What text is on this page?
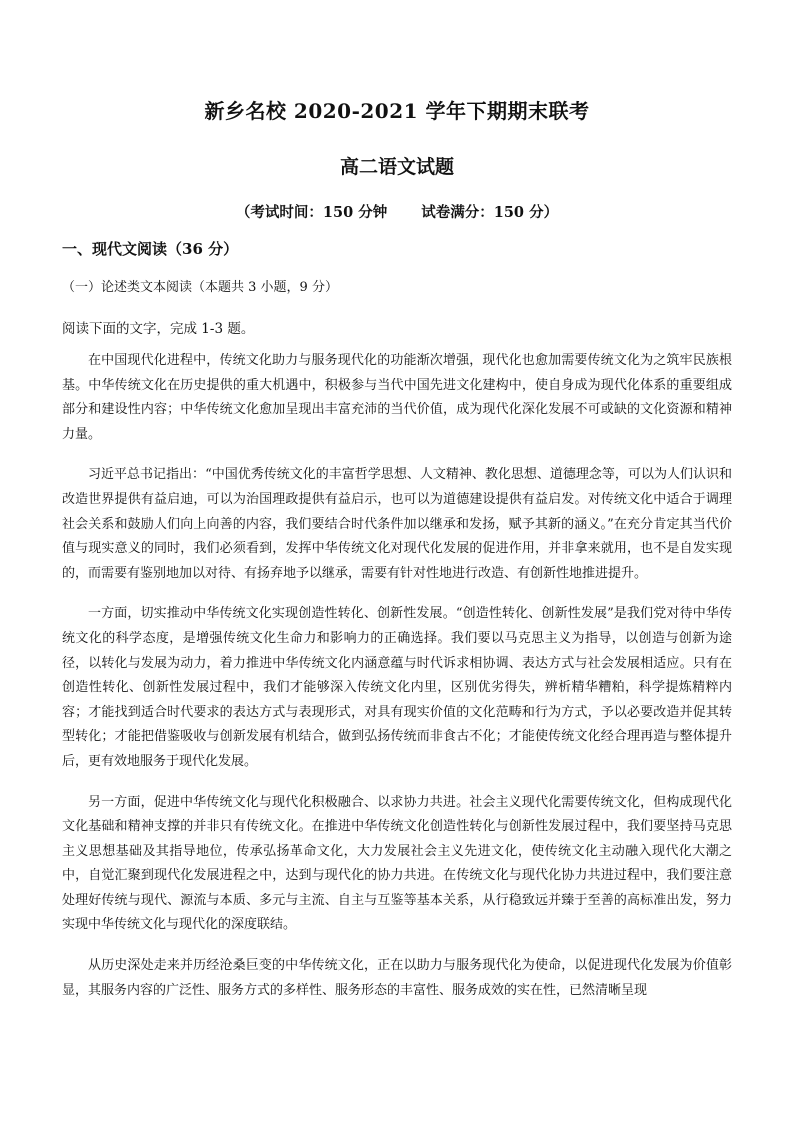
新乡名校 2020-2021 学年下期期末联考
高二语文试题
（考试时间：150 分钟 试卷满分：150 分）
一、现代文阅读（36 分）
（一）论述类文本阅读（本题共 3 小题，9 分）
阅读下面的文字，完成 1-3 题。

在中国现代化进程中，传统文化助力与服务现代化的功能渐次增强，现代化也愈加需要传统文化为之筑牢民族根基。中华传统文化在历史提供的重大机遇中，积极参与当代中国先进文化建构中，使自身成为现代化体系的重要组成部分和建设性内容；中华传统文化愈加呈现出丰富充沛的当代价值，成为现代化深化发展不可或缺的文化资源和精神力量。

习近平总书记指出：“中国优秀传统文化的丰富哲学思想、人文精神、教化思想、道德理念等，可以为人们认识和改造世界提供有益启迪，可以为治国理政提供有益启示，也可以为道德建设提供有益启发。对传统文化中适合于调理社会关系和鼓励人们向上向善的内容，我们要结合时代条件加以继承和发扬，赋予其新的涵义。”在充分肯定其当代价值与现实意义的同时，我们必须看到，发挥中华传统文化对现代化发展的促进作用，并非拿来就用，也不是自发实现的，而需要有鉴别地加以对待、有扬弃地予以继承，需要有针对性地进行改造、有创新性地推进提升。

一方面，切实推动中华传统文化实现创造性转化、创新性发展。“创造性转化、创新性发展”是我们党对待中华传统文化的科学态度，是增强传统文化生命力和影响力的正确选择。我们要以马克思主义为指导，以创造与创新为途径，以转化与发展为动力，着力推进中华传统文化内涵意蕴与时代诉求相协调、表达方式与社会发展相适应。只有在创造性转化、创新性发展过程中，我们才能够深入传统文化内里，区别优劣得失，辨析精华糟粕，科学提炼精粹内容；才能找到适合时代要求的表达方式与表现形式，对具有现实价值的文化范畴和行为方式，予以必要改造并促其转型转化；才能把借鉴吸收与创新发展有机结合，做到弘扬传统而非食古不化；才能使传统文化经合理再造与整体提升后，更有效地服务于现代化发展。

另一方面，促进中华传统文化与现代化积极融合、以求协力共进。社会主义现代化需要传统文化，但构成现代化文化基础和精神支撑的并非只有传统文化。在推进中华传统文化创造性转化与创新性发展过程中，我们要坚持马克思主义思想基础及其指导地位，传承弘扬革命文化，大力发展社会主义先进文化，使传统文化主动融入现代化大潮之中，自觉汇聚到现代化发展进程之中，达到与现代化的协力共进。在传统文化与现代化协力共进过程中，我们要注意处理好传统与现代、源流与本质、多元与主流、自主与互鉴等基本关系，从行稳致远并臻于至善的高标准出发，努力实现中华传统文化与现代化的深度联结。

从历史深处走来并历经沧桑巨变的中华传统文化，正在以助力与服务现代化为使命，以促进现代化发展为价值彰显，其服务内容的广泛性、服务方式的多样性、服务形态的丰富性、服务成效的实在性，已然清晰呈现
